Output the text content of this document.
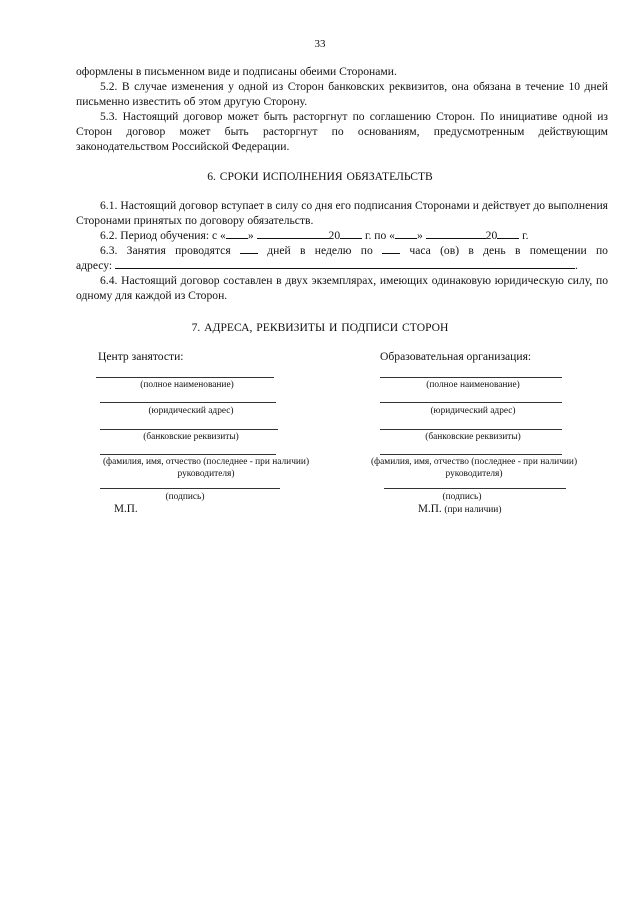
33

оформлены в письменном виде и подписаны обеими Сторонами.

5.2. В случае изменения у одной из Сторон банковских реквизитов, она обязана в течение 10 дней письменно известить об этом другую Сторону.

5.3. Настоящий договор может быть расторгнут по соглашению Сторон. По инициативе одной из Сторон договор может быть расторгнут по основаниям, предусмотренным действующим законодательством Российской Федерации.

6. СРОКИ ИСПОЛНЕНИЯ ОБЯЗАТЕЛЬСТВ

6.1. Настоящий договор вступает в силу со дня его подписания Сторонами и действует до выполнения Сторонами принятых по договору обязательств.

6.2. Период обучения: с « »	20 г. по « »	20 г.

6.3. Занятия проводятся	дней в неделю по	часа (ов) в день в помещении по

адресу:	.

6.4. Настоящий договор составлен в двух экземплярах, имеющих одинаковую юридическую силу, по одному для каждой из Сторон.

7. АДРЕСА, РЕКВИЗИТЫ И ПОДПИСИ СТОРОН
Центр занятости:
(полное наименование)
(юридический адрес)
(банковские реквизиты)
(фамилия, имя, отчество (последнее - при наличии)
руководителя)
(подпись)
М.П.
Образовательная организация:
(полное наименование)
(юридический адрес)
(банковские реквизиты)
(фамилия, имя, отчество (последнее - при наличии)
руководителя)
(подпись)
М.П. (при наличии)
